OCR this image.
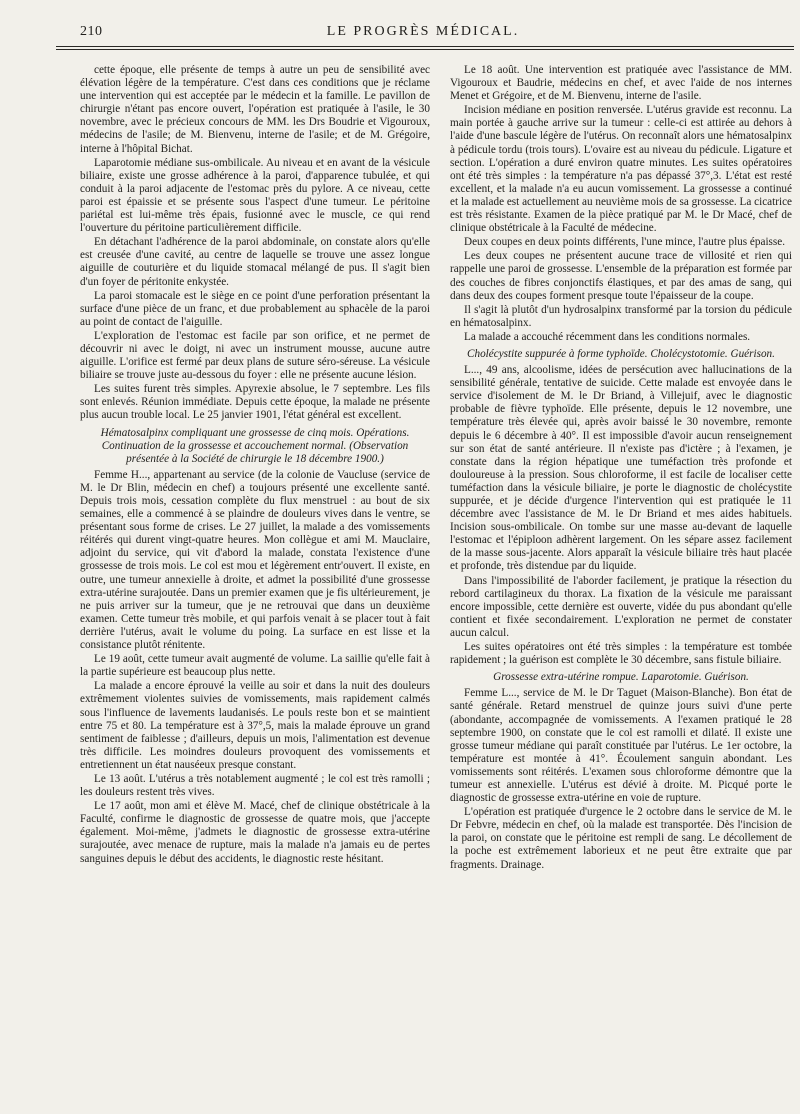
210	LE PROGRÈS MÉDICAL.

cette époque, elle présente de temps à autre un peu de sensibilité avec élévation légère de la température. C'est dans ces conditions que je réclame une intervention qui est acceptée par le médecin et la famille. Le pavillon de chirurgie n'étant pas encore ouvert, l'opération est pratiquée à l'asile, le 30 novembre, avec le précieux concours de MM. les Drs Boudrie et Vigouroux, médecins de l'asile; de M. Bienvenu, interne de l'asile; et de M. Grégoire, interne à l'hôpital Bichat.

Laparotomie médiane sus-ombilicale. Au niveau et en avant de la vésicule biliaire, existe une grosse adhérence à la paroi, d'apparence tubulée, et qui conduit à la paroi adjacente de l'estomac près du pylore. A ce niveau, cette paroi est épaissie et se présente sous l'aspect d'une tumeur. Le péritoine pariétal est lui-même très épais, fusionné avec le muscle, ce qui rend l'ouverture du péritoine particulièrement difficile.

En détachant l'adhérence de la paroi abdominale, on constate alors qu'elle est creusée d'une cavité, au centre de laquelle se trouve une assez longue aiguille de couturière et du liquide stomacal mélangé de pus. Il s'agit bien d'un foyer de péritonite enkystée.

La paroi stomacale est le siège en ce point d'une perforation présentant la surface d'une pièce de un franc, et due probablement au sphacèle de la paroi au point de contact de l'aiguille.

L'exploration de l'estomac est facile par son orifice, et ne permet de découvrir ni avec le doigt, ni avec un instrument mousse, aucune autre aiguille. L'orifice est fermé par deux plans de suture séro-séreuse. La vésicule biliaire se trouve juste au-dessous du foyer : elle ne présente aucune lésion.

Les suites furent très simples. Apyrexie absolue, le 7 septembre. Les fils sont enlevés. Réunion immédiate. Depuis cette époque, la malade ne présente plus aucun trouble local. Le 25 janvier 1901, l'état général est excellent.

Hématosalpinx compliquant une grossesse de cinq mois. Opérations. Continuation de la grossesse et accouchement normal. (Observation présentée à la Société de chirurgie le 18 décembre 1900.)

Femme H..., appartenant au service (de la colonie de Vaucluse (service de M. le Dr Blin, médecin en chef) a toujours présenté une excellente santé. Depuis trois mois, cessation complète du flux menstruel : au bout de six semaines, elle a commencé à se plaindre de douleurs vives dans le ventre, se présentant sous forme de crises. Le 27 juillet, la malade a des vomissements réitérés qui durent vingt-quatre heures. Mon collègue et ami M. Mauclaire, adjoint du service, qui vit d'abord la malade, constata l'existence d'une grossesse de trois mois. Le col est mou et légèrement entr'ouvert. Il existe, en outre, une tumeur annexielle à droite, et admet la possibilité d'une grossesse extra-utérine surajoutée. Dans un premier examen que je fis ultérieurement, je ne puis arriver sur la tumeur, que je ne retrouvai que dans un deuxième examen. Cette tumeur très mobile, et qui parfois venait à se placer tout à fait derrière l'utérus, avait le volume du poing. La surface en est lisse et la consistance plutôt rénitente.

Le 19 août, cette tumeur avait augmenté de volume. La saillie qu'elle fait à la partie supérieure est beaucoup plus nette.

La malade a encore éprouvé la veille au soir et dans la nuit des douleurs extrêmement violentes suivies de vomissements, mais rapidement calmés sous l'influence de lavements laudanisés. Le pouls reste bon et se maintient entre 75 et 80. La température est à 37°,5, mais la malade éprouve un grand sentiment de faiblesse ; d'ailleurs, depuis un mois, l'alimentation est devenue très difficile. Les moindres douleurs provoquent des vomissements et entretiennent un état nauséeux presque constant.

Le 13 août. L'utérus a très notablement augmenté ; le col est très ramolli ; les douleurs restent très vives.

Le 17 août, mon ami et élève M. Macé, chef de clinique obstétricale à la Faculté, confirme le diagnostic de grossesse de quatre mois, que j'accepte également. Moi-même, j'admets le diagnostic de grossesse extra-utérine surajoutée, avec menace de rupture, mais la malade n'a jamais eu de pertes sanguines depuis le début des accidents, le diagnostic reste hésitant.

Le 18 août. Une intervention est pratiquée avec l'assistance de MM. Vigouroux et Baudrie, médecins en chef, et avec l'aide de nos internes Menet et Grégoire, et de M. Bienvenu, interne de l'asile.

Incision médiane en position renversée. L'utérus gravide est reconnu. La main portée à gauche arrive sur la tumeur : celle-ci est attirée au dehors à l'aide d'une bascule légère de l'utérus. On reconnaît alors une hématosalpinx à pédicule tordu (trois tours). L'ovaire est au niveau du pédicule. Ligature et section. L'opération a duré environ quatre minutes. Les suites opératoires ont été très simples : la température n'a pas dépassé 37°,3. L'état est resté excellent, et la malade n'a eu aucun vomissement. La grossesse a continué et la malade est actuellement au neuvième mois de sa grossesse. La cicatrice est très résistante. Examen de la pièce pratiqué par M. le Dr Macé, chef de clinique obstétricale à la Faculté de médecine.

Deux coupes en deux points différents, l'une mince, l'autre plus épaisse.

Les deux coupes ne présentent aucune trace de villosité et rien qui rappelle une paroi de grossesse. L'ensemble de la préparation est formée par des couches de fibres conjonctifs élastiques, et par des amas de sang, qui dans deux des coupes forment presque toute l'épaisseur de la coupe.

Il s'agit là plutôt d'un hydrosalpinx transformé par la torsion du pédicule en hématosalpinx.

La malade a accouché récemment dans les conditions normales.

Cholécystite suppurée à forme typhoïde. Cholécystotomie. Guérison.

L..., 49 ans, alcoolisme, idées de persécution avec hallucinations de la sensibilité générale, tentative de suicide. Cette malade est envoyée dans le service d'isolement de M. le Dr Briand, à Villejuif, avec le diagnostic probable de fièvre typhoïde. Elle présente, depuis le 12 novembre, une température très élevée qui, après avoir baissé le 30 novembre, remonte depuis le 6 décembre à 40°. Il est impossible d'avoir aucun renseignement sur son état de santé antérieure. Il n'existe pas d'ictère ; à l'examen, je constate dans la région hépatique une tuméfaction très profonde et douloureuse à la pression. Sous chloroforme, il est facile de localiser cette tuméfaction dans la vésicule biliaire, je porte le diagnostic de cholécystite suppurée, et je décide d'urgence l'intervention qui est pratiquée le 11 décembre avec l'assistance de M. le Dr Briand et mes aides habituels. Incision sous-ombilicale. On tombe sur une masse au-devant de laquelle l'estomac et l'épiploon adhèrent largement. On les sépare assez facilement de la masse sous-jacente. Alors apparaît la vésicule biliaire très haut placée et profonde, très distendue par du liquide.

Dans l'impossibilité de l'aborder facilement, je pratique la résection du rebord cartilagineux du thorax. La fixation de la vésicule me paraissant encore impossible, cette dernière est ouverte, vidée du pus abondant qu'elle contient et fixée secondairement. L'exploration ne permet de constater aucun calcul.

Les suites opératoires ont été très simples : la température est tombée rapidement ; la guérison est complète le 30 décembre, sans fistule biliaire.

Grossesse extra-utérine rompue. Laparotomie. Guérison.

Femme L..., service de M. le Dr Taguet (Maison-Blanche). Bon état de santé générale. Retard menstruel de quinze jours suivi d'une perte (abondante, accompagnée de vomissements. A l'examen pratiqué le 28 septembre 1900, on constate que le col est ramolli et dilaté. Il existe une grosse tumeur médiane qui paraît constituée par l'utérus. Le 1er octobre, la température est montée à 41°. Écoulement sanguin abondant. Les vomissements sont réitérés. L'examen sous chloroforme démontre que la tumeur est annexielle. L'utérus est dévié à droite. M. Picqué porte le diagnostic de grossesse extra-utérine en voie de rupture.

L'opération est pratiquée d'urgence le 2 octobre dans le service de M. le Dr Febvre, médecin en chef, où la malade est transportée. Dès l'incision de la paroi, on constate que le péritoine est rempli de sang. Le décollement de la poche est extrêmement laborieux et ne peut être extraite que par fragments. Drainage.
